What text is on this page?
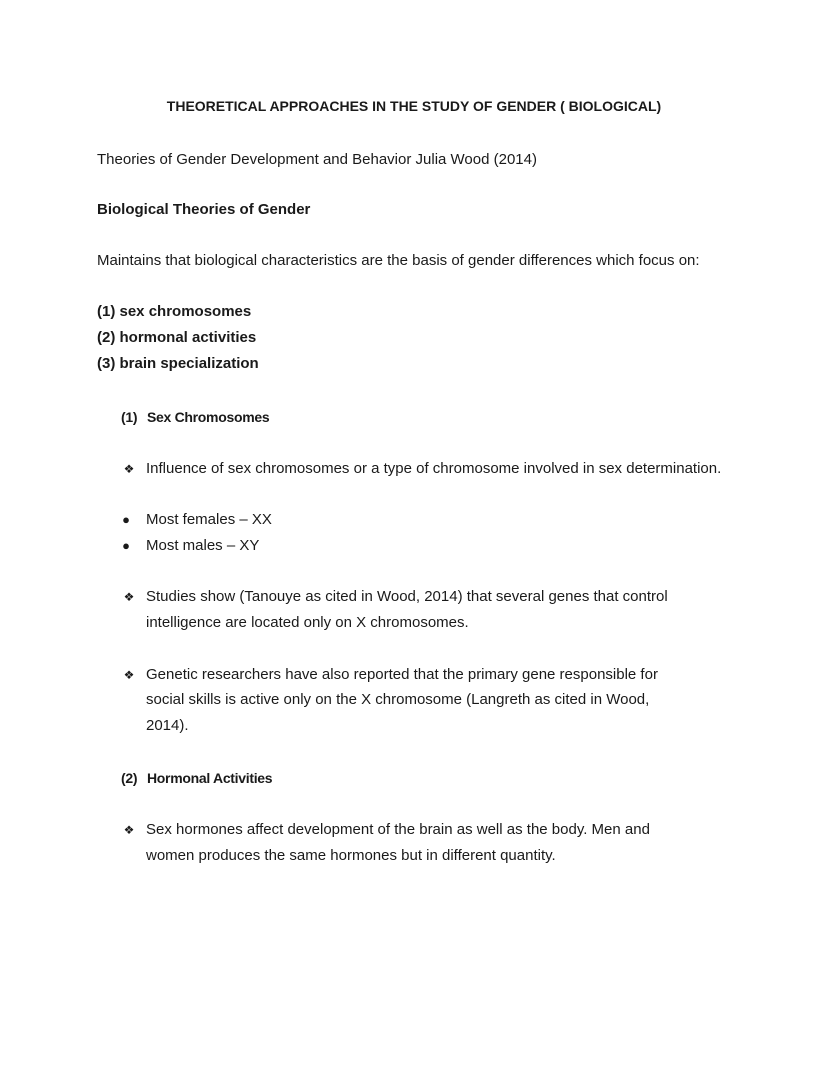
THEORETICAL APPROACHES IN THE STUDY OF GENDER ( BIOLOGICAL)
Theories of Gender Development and Behavior Julia Wood (2014)
Biological Theories of Gender
Maintains that biological characteristics are the basis of gender differences which focus on:
(1) sex chromosomes
(2) hormonal activities
(3) brain specialization
(1) Sex Chromosomes
❖ Influence of sex chromosomes or a type of chromosome involved in sex determination.
●	Most females – XX
●	Most males – XY
❖ Studies show (Tanouye as cited in Wood, 2014) that several genes that control
intelligence are located only on X chromosomes.
❖ Genetic researchers have also reported that the primary gene responsible for
social skills is active only on the X chromosome (Langreth as cited in Wood,
2014).
(2) Hormonal Activities
❖ Sex hormones affect development of the brain as well as the body. Men and
women produces the same hormones but in different quantity.
